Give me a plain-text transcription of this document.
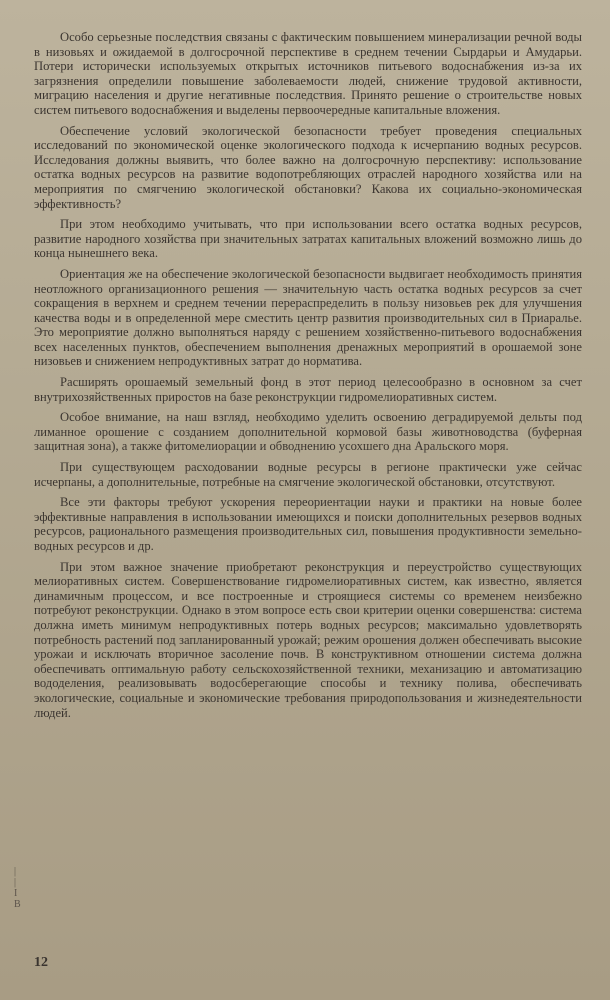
Особо серьезные последствия связаны с фактическим повышением минерализации речной воды в низовьях и ожидаемой в долгосрочной перспективе в среднем течении Сырдарьи и Амударьи. Потери исторически используемых открытых источников питьевого водоснабжения из-за их загрязнения определили повышение заболеваемости людей, снижение трудовой активности, миграцию населения и другие негативные последствия. Принято решение о строительстве новых систем питьевого водоснабжения и выделены первоочередные капитальные вложения.

Обеспечение условий экологической безопасности требует проведения специальных исследований по экономической оценке экологического подхода к исчерпанию водных ресурсов. Исследования должны выявить, что более важно на долгосрочную перспективу: использование остатка водных ресурсов на развитие водопотребляющих отраслей народного хозяйства или на мероприятия по смягчению экологической обстановки? Какова их социально-экономическая эффективность?

При этом необходимо учитывать, что при использовании всего остатка водных ресурсов, развитие народного хозяйства при значительных затратах капитальных вложений возможно лишь до конца нынешнего века.

Ориентация же на обеспечение экологической безопасности выдвигает необходимость принятия неотложного организационного решения — значительную часть остатка водных ресурсов за счет сокращения в верхнем и среднем течении перераспределить в пользу низовьев рек для улучшения качества воды и в определенной мере сместить центр развития производительных сил в Приаралье. Это мероприятие должно выполняться наряду с решением хозяйственно-питьевого водоснабжения всех населенных пунктов, обеспечением выполнения дренажных мероприятий в орошаемой зоне низовьев и снижением непродуктивных затрат до норматива.

Расширять орошаемый земельный фонд в этот период целесообразно в основном за счет внутрихозяйственных приростов на базе реконструкции гидромелиоративных систем.

Особое внимание, на наш взгляд, необходимо уделить освоению деградируемой дельты под лиманное орошение с созданием дополнительной кормовой базы животноводства (буферная защитная зона), а также фитомелиорации и обводнению усохшего дна Аральского моря.

При существующем расходовании водные ресурсы в регионе практически уже сейчас исчерпаны, а дополнительные, потребные на смягчение экологической обстановки, отсутствуют.

Все эти факторы требуют ускорения переориентации науки и практики на новые более эффективные направления в использовании имеющихся и поиски дополнительных резервов водных ресурсов, рационального размещения производительных сил, повышения продуктивности земельно-водных ресурсов и др.

При этом важное значение приобретают реконструкция и переустройство существующих мелиоративных систем. Совершенствование гидромелиоративных систем, как известно, является динамичным процессом, и все построенные и строящиеся системы со временем неизбежно потребуют реконструкции. Однако в этом вопросе есть свои критерии оценки совершенства: система должна иметь минимум непродуктивных потерь водных ресурсов; максимально удовлетворять потребность растений под запланированный урожай; режим орошения должен обеспечивать высокие урожаи и исключать вторичное засоление почв. В конструктивном отношении система должна обеспечивать оптимальную работу сельскохозяйственной техники, механизацию и автоматизацию вододеления, реализовывать водосберегающие способы и технику полива, обеспечивать экологические, социальные и экономические требования природопользования и жизнедеятельности людей.

|
|
I
В
12
